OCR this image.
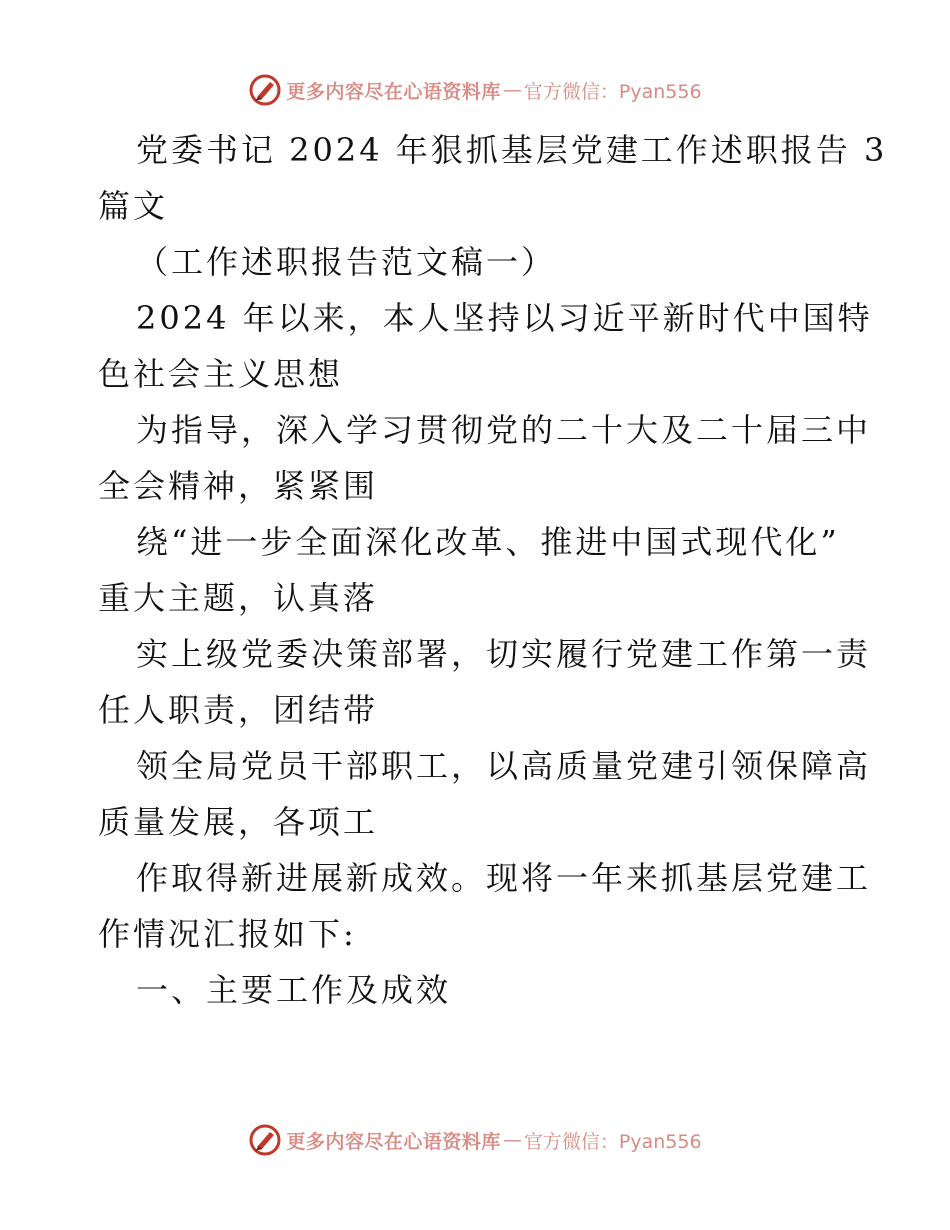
更多内容尽在心语资料库 — 官方微信：Pyan556
党委书记 2024 年狠抓基层党建工作述职报告 3
篇文
（工作述职报告范文稿一）
2024 年以来，本人坚持以习近平新时代中国特
色社会主义思想
为指导，深入学习贯彻党的二十大及二十届三中
全会精神，紧紧围
绕“进一步全面深化改革、推进中国式现代化”
重大主题，认真落
实上级党委决策部署，切实履行党建工作第一责
任人职责，团结带
领全局党员干部职工，以高质量党建引领保障高
质量发展，各项工
作取得新进展新成效。现将一年来抓基层党建工
作情况汇报如下:
一、主要工作及成效
更多内容尽在心语资料库 — 官方微信：Pyan556
